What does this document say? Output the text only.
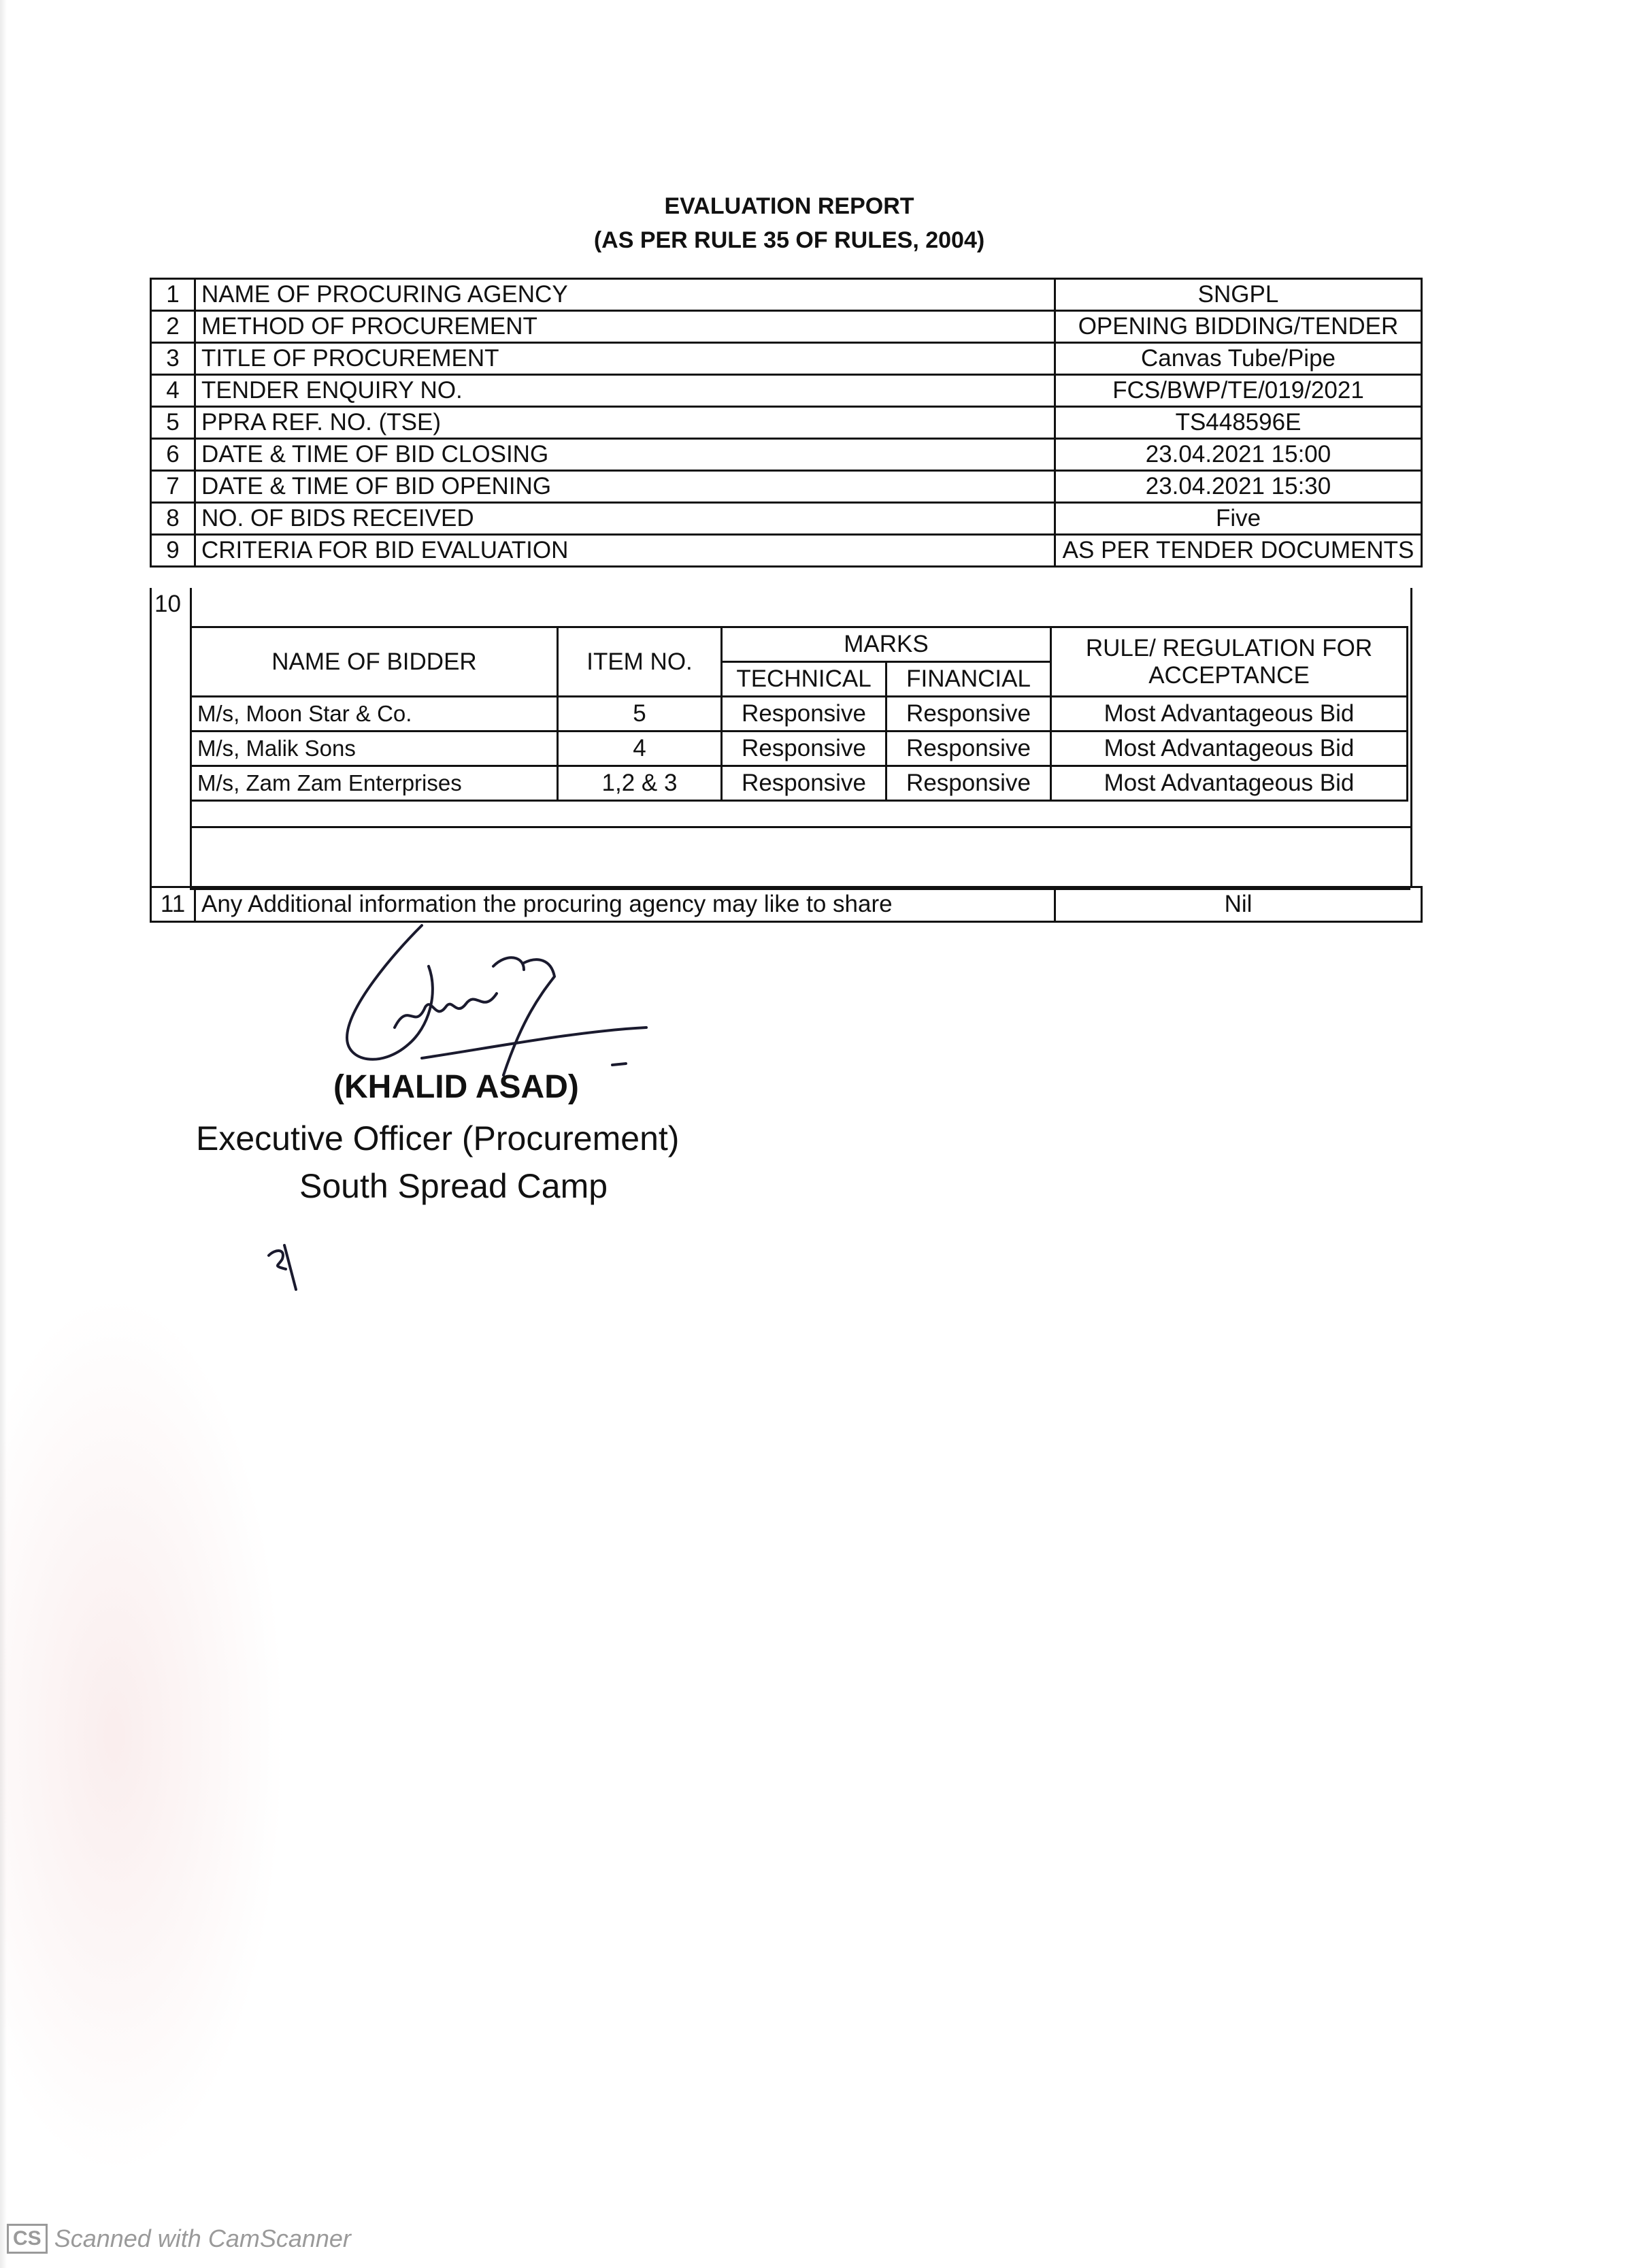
EVALUATION REPORT
(AS PER RULE 35 OF RULES, 2004)
1	NAME OF PROCURING AGENCY	SNGPL
2	METHOD OF PROCUREMENT	OPENING BIDDING/TENDER
3	TITLE OF PROCUREMENT	Canvas Tube/Pipe
4	TENDER ENQUIRY NO.	FCS/BWP/TE/019/2021
5	PPRA REF. NO. (TSE)	TS448596E
6	DATE & TIME OF BID CLOSING	23.04.2021 15:00
7	DATE & TIME OF BID OPENING	23.04.2021 15:30
8	NO. OF BIDS RECEIVED	Five
9	CRITERIA FOR BID EVALUATION	AS PER TENDER DOCUMENTS
10
NAME OF BIDDER	ITEM NO.	MARKS		RULE/ REGULATION FOR
ACCEPTANCE

		TECHNICAL	FINANCIAL	
M/s, Moon Star & Co.	5	Responsive	Responsive	Most Advantageous Bid
M/s, Malik Sons	4	Responsive	Responsive	Most Advantageous Bid
M/s, Zam Zam Enterprises	1,2 & 3	Responsive	Responsive	Most Advantageous Bid
11	Any Additional information the procuring agency may like to share	Nil
(KHALID ASAD)
Executive Officer (Procurement)
South Spread Camp
CS Scanned with CamScanner
